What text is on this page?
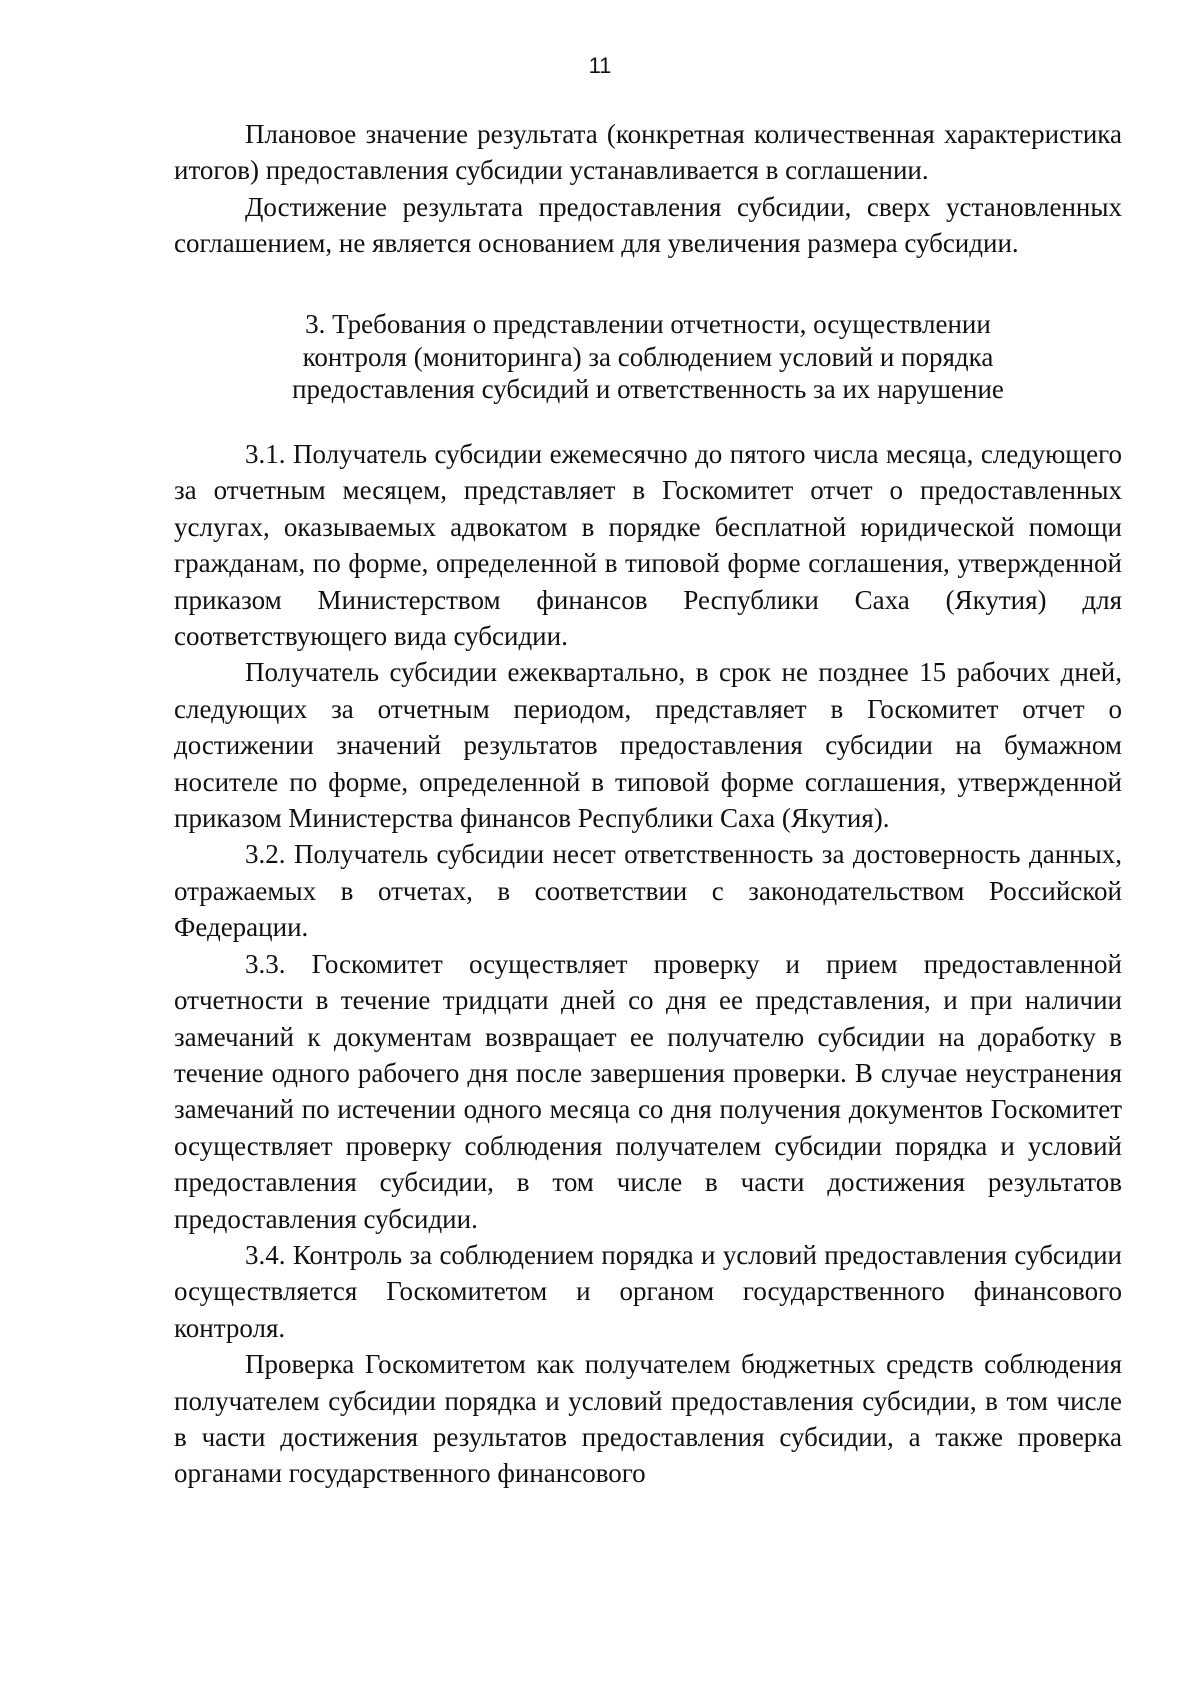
11

Плановое значение результата (конкретная количественная характеристика итогов) предоставления субсидии устанавливается в соглашении.

Достижение результата предоставления субсидии, сверх установленных соглашением, не является основанием для увеличения размера субсидии.

3. Требования о представлении отчетности, осуществлении

контроля (мониторинга) за соблюдением условий и порядка

предоставления субсидий и ответственность за их нарушение

3.1. Получатель субсидии ежемесячно до пятого числа месяца, следующего за отчетным месяцем, представляет в Госкомитет отчет о предоставленных услугах, оказываемых адвокатом в порядке бесплатной юридической помощи гражданам, по форме, определенной в типовой форме соглашения, утвержденной приказом Министерством финансов Республики Саха (Якутия) для соответствующего вида субсидии.

Получатель субсидии ежеквартально, в срок не позднее 15 рабочих дней, следующих за отчетным периодом, представляет в Госкомитет отчет о достижении значений результатов предоставления субсидии на бумажном носителе по форме, определенной в типовой форме соглашения, утвержденной приказом Министерства финансов Республики Саха (Якутия).

3.2. Получатель субсидии несет ответственность за достоверность данных, отражаемых в отчетах, в соответствии с законодательством Российской Федерации.

3.3. Госкомитет осуществляет проверку и прием предоставленной отчетности в течение тридцати дней со дня ее представления, и при наличии замечаний к документам возвращает ее получателю субсидии на доработку в течение одного рабочего дня после завершения проверки. В случае неустранения замечаний по истечении одного месяца со дня получения документов Госкомитет осуществляет проверку соблюдения получателем субсидии порядка и условий предоставления субсидии, в том числе в части достижения результатов предоставления субсидии.

3.4. Контроль за соблюдением порядка и условий предоставления субсидии осуществляется Госкомитетом и органом государственного финансового контроля.

Проверка Госкомитетом как получателем бюджетных средств соблюдения получателем субсидии порядка и условий предоставления субсидии, в том числе в части достижения результатов предоставления субсидии, а также проверка органами государственного финансового
